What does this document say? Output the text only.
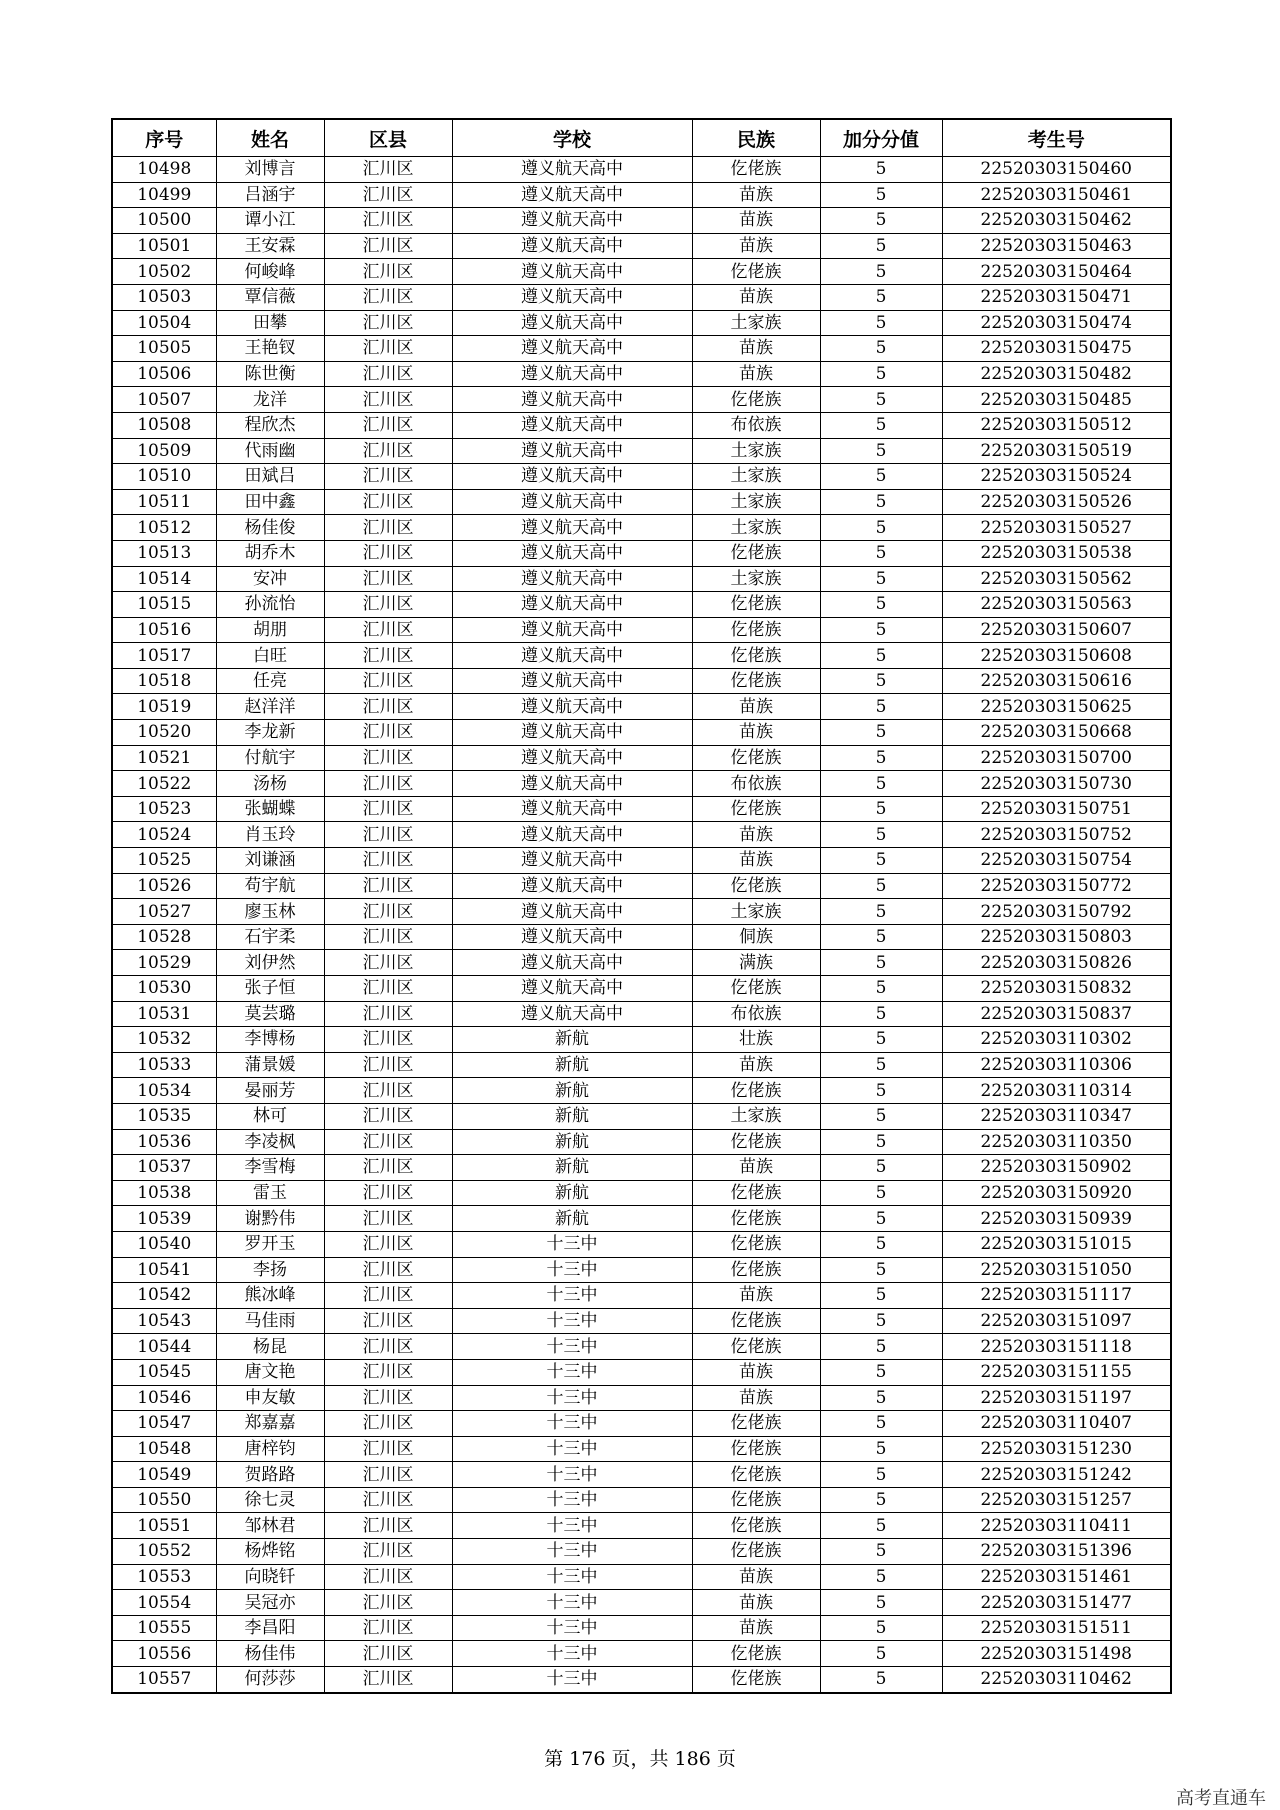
序号	姓名	区县	学校	民族	加分分值	考生号
10498	刘博言	汇川区	遵义航天高中	仡佬族	5	22520303150460
10499	吕涵宇	汇川区	遵义航天高中	苗族	5	22520303150461
10500	谭小江	汇川区	遵义航天高中	苗族	5	22520303150462
10501	王安霖	汇川区	遵义航天高中	苗族	5	22520303150463
10502	何峻峰	汇川区	遵义航天高中	仡佬族	5	22520303150464
10503	覃信薇	汇川区	遵义航天高中	苗族	5	22520303150471
10504	田攀	汇川区	遵义航天高中	土家族	5	22520303150474
10505	王艳钗	汇川区	遵义航天高中	苗族	5	22520303150475
10506	陈世衡	汇川区	遵义航天高中	苗族	5	22520303150482
10507	龙洋	汇川区	遵义航天高中	仡佬族	5	22520303150485
10508	程欣杰	汇川区	遵义航天高中	布依族	5	22520303150512
10509	代雨幽	汇川区	遵义航天高中	土家族	5	22520303150519
10510	田斌吕	汇川区	遵义航天高中	土家族	5	22520303150524
10511	田中鑫	汇川区	遵义航天高中	土家族	5	22520303150526
10512	杨佳俊	汇川区	遵义航天高中	土家族	5	22520303150527
10513	胡乔木	汇川区	遵义航天高中	仡佬族	5	22520303150538
10514	安冲	汇川区	遵义航天高中	土家族	5	22520303150562
10515	孙流怡	汇川区	遵义航天高中	仡佬族	5	22520303150563
10516	胡朋	汇川区	遵义航天高中	仡佬族	5	22520303150607
10517	白旺	汇川区	遵义航天高中	仡佬族	5	22520303150608
10518	任亮	汇川区	遵义航天高中	仡佬族	5	22520303150616
10519	赵洋洋	汇川区	遵义航天高中	苗族	5	22520303150625
10520	李龙新	汇川区	遵义航天高中	苗族	5	22520303150668
10521	付航宇	汇川区	遵义航天高中	仡佬族	5	22520303150700
10522	汤杨	汇川区	遵义航天高中	布依族	5	22520303150730
10523	张蝴蝶	汇川区	遵义航天高中	仡佬族	5	22520303150751
10524	肖玉玲	汇川区	遵义航天高中	苗族	5	22520303150752
10525	刘谦涵	汇川区	遵义航天高中	苗族	5	22520303150754
10526	苟宇航	汇川区	遵义航天高中	仡佬族	5	22520303150772
10527	廖玉林	汇川区	遵义航天高中	土家族	5	22520303150792
10528	石宇柔	汇川区	遵义航天高中	侗族	5	22520303150803
10529	刘伊然	汇川区	遵义航天高中	满族	5	22520303150826
10530	张子恒	汇川区	遵义航天高中	仡佬族	5	22520303150832
10531	莫芸璐	汇川区	遵义航天高中	布依族	5	22520303150837
10532	李博杨	汇川区	新航	壮族	5	22520303110302
10533	蒲景媛	汇川区	新航	苗族	5	22520303110306
10534	晏丽芳	汇川区	新航	仡佬族	5	22520303110314
10535	林可	汇川区	新航	土家族	5	22520303110347
10536	李凌枫	汇川区	新航	仡佬族	5	22520303110350
10537	李雪梅	汇川区	新航	苗族	5	22520303150902
10538	雷玉	汇川区	新航	仡佬族	5	22520303150920
10539	谢黔伟	汇川区	新航	仡佬族	5	22520303150939
10540	罗开玉	汇川区	十三中	仡佬族	5	22520303151015
10541	李扬	汇川区	十三中	仡佬族	5	22520303151050
10542	熊冰峰	汇川区	十三中	苗族	5	22520303151117
10543	马佳雨	汇川区	十三中	仡佬族	5	22520303151097
10544	杨昆	汇川区	十三中	仡佬族	5	22520303151118
10545	唐文艳	汇川区	十三中	苗族	5	22520303151155
10546	申友敏	汇川区	十三中	苗族	5	22520303151197
10547	郑嘉嘉	汇川区	十三中	仡佬族	5	22520303110407
10548	唐梓钧	汇川区	十三中	仡佬族	5	22520303151230
10549	贺路路	汇川区	十三中	仡佬族	5	22520303151242
10550	徐七灵	汇川区	十三中	仡佬族	5	22520303151257
10551	邹林君	汇川区	十三中	仡佬族	5	22520303110411
10552	杨烨铭	汇川区	十三中	仡佬族	5	22520303151396
10553	向晓钎	汇川区	十三中	苗族	5	22520303151461
10554	吴冠亦	汇川区	十三中	苗族	5	22520303151477
10555	李昌阳	汇川区	十三中	苗族	5	22520303151511
10556	杨佳伟	汇川区	十三中	仡佬族	5	22520303151498
10557	何莎莎	汇川区	十三中	仡佬族	5	22520303110462
第 176 页，共 186 页
高考直通车
